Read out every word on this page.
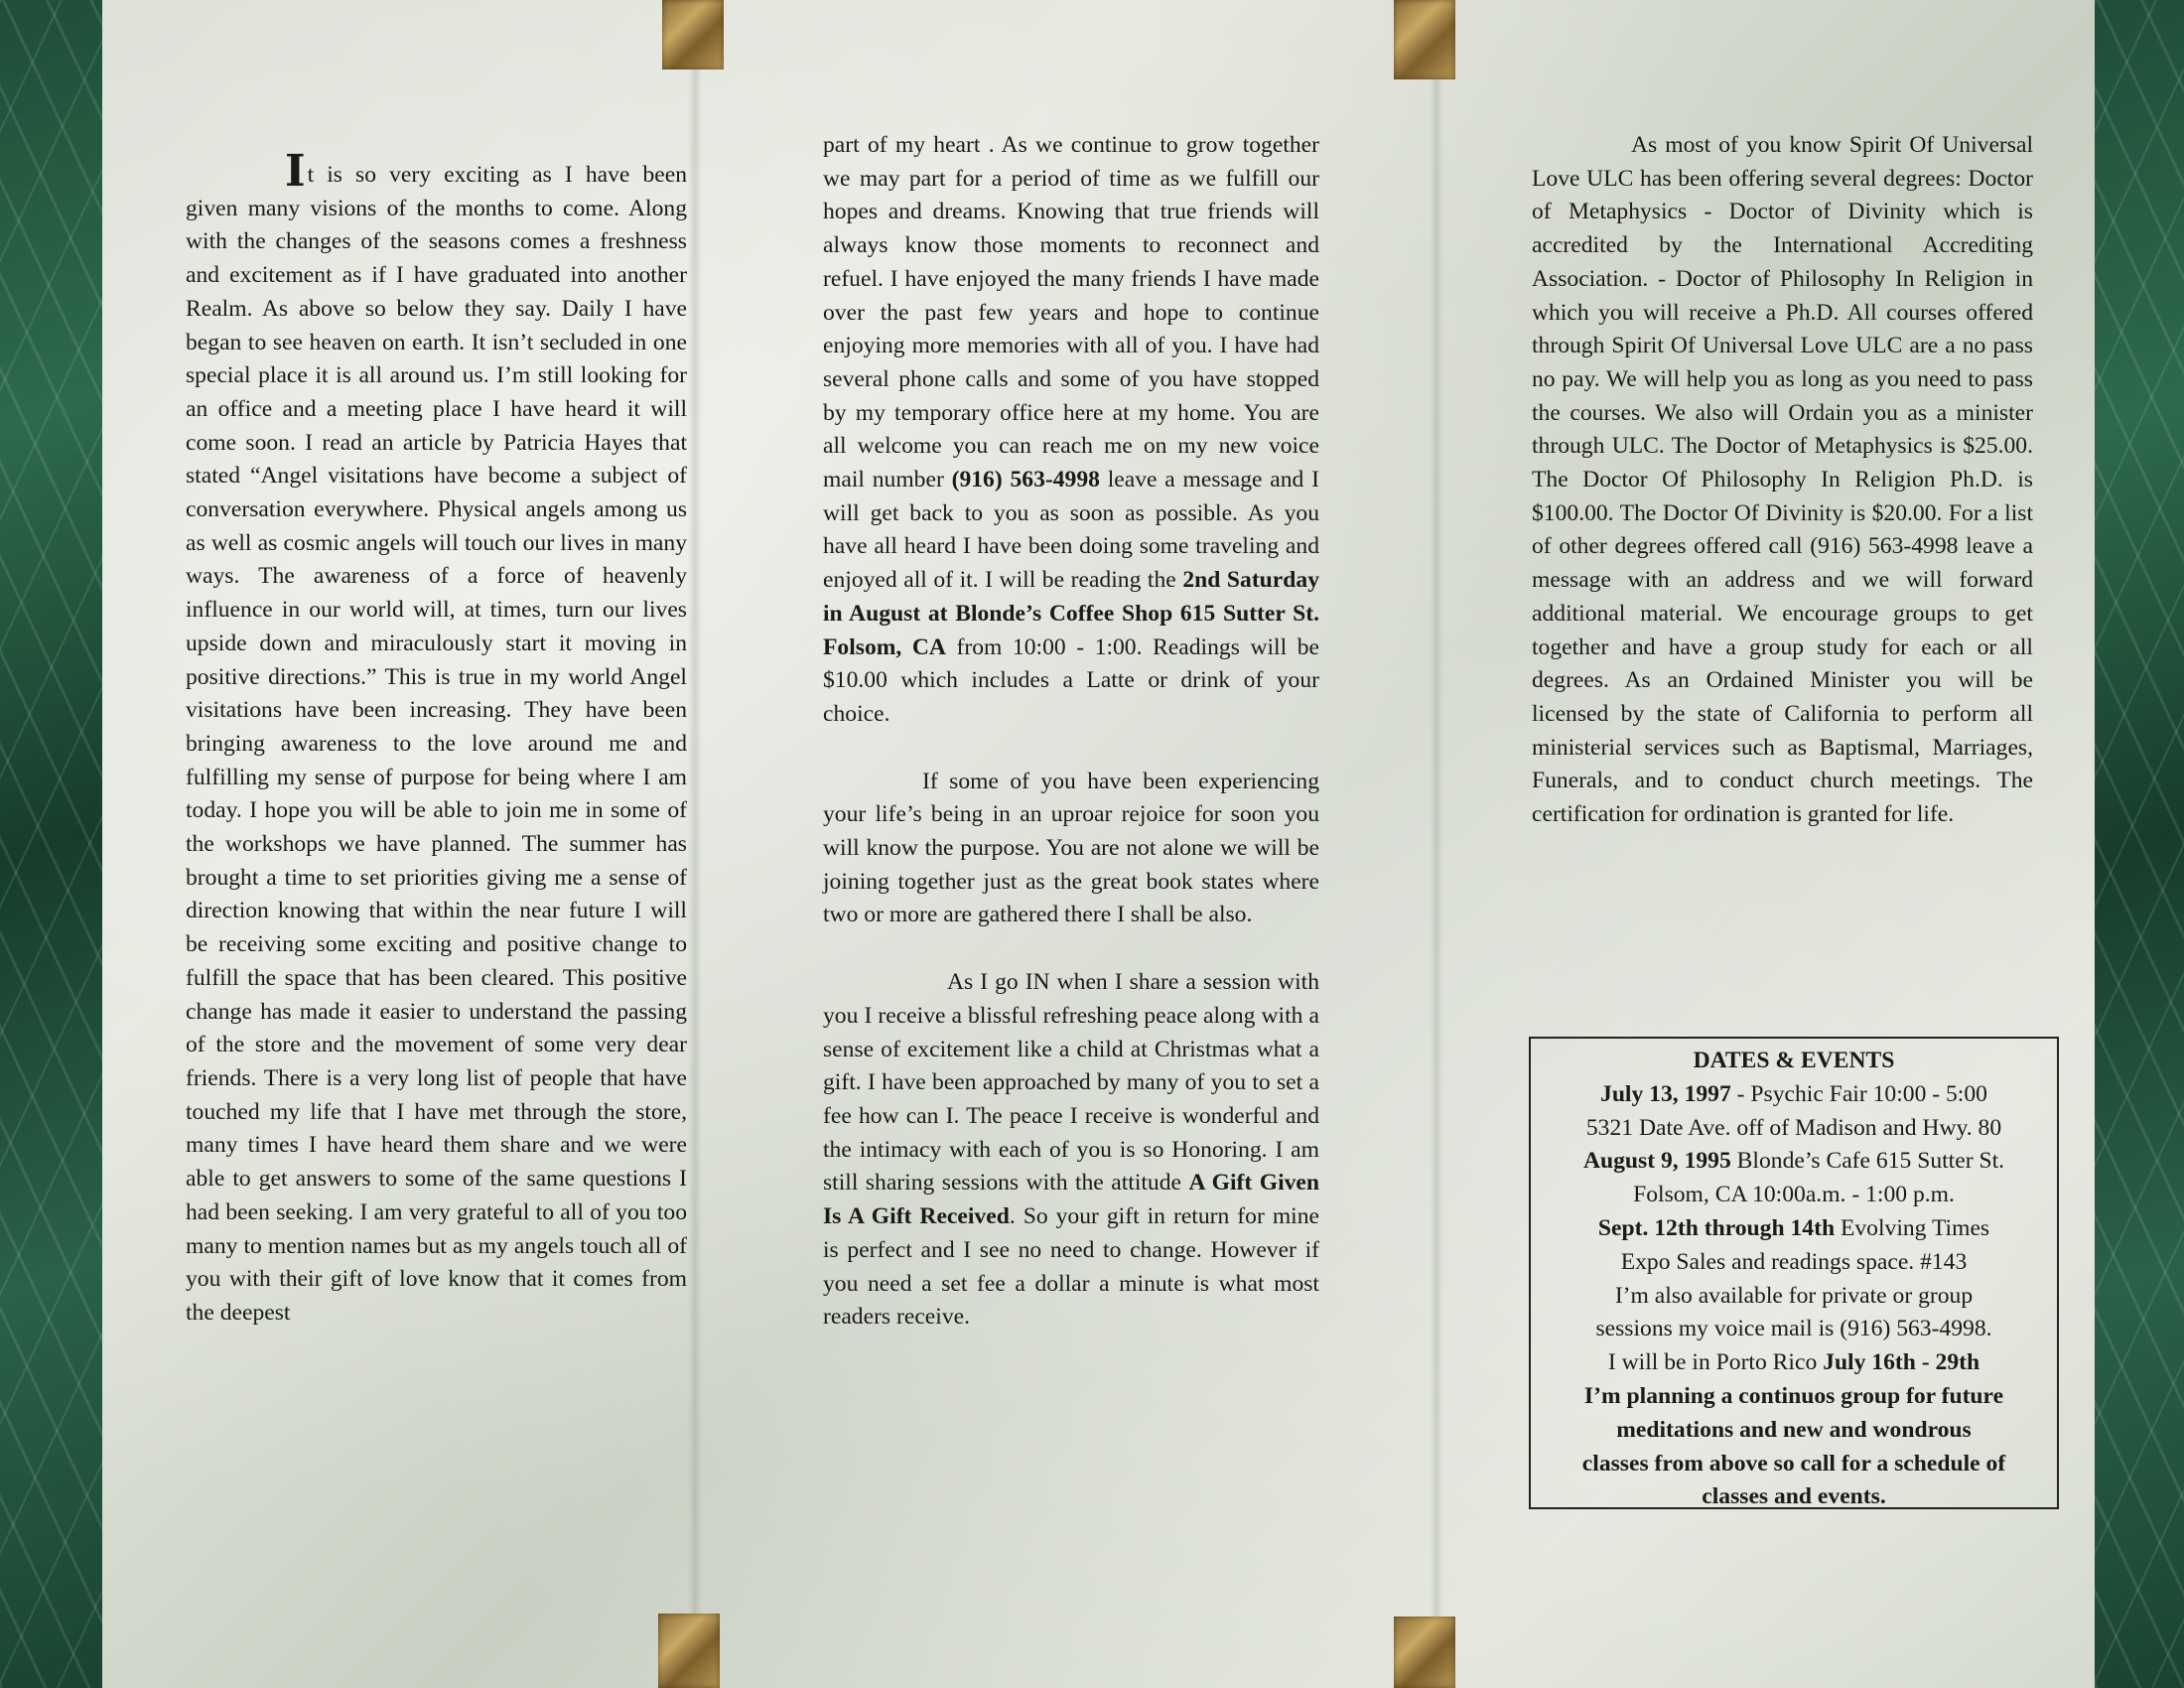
It is so very exciting as I have been given many visions of the months to come. Along with the changes of the seasons comes a freshness and excitement as if I have graduated into another Realm. As above so below they say. Daily I have began to see heaven on earth. It isn’t secluded in one special place it is all around us. I’m still looking for an office and a meeting place I have heard it will come soon. I read an article by Patricia Hayes that stated “Angel visitations have become a subject of conversation everywhere. Physical angels among us as well as cosmic angels will touch our lives in many ways. The awareness of a force of heavenly influence in our world will, at times, turn our lives upside down and miraculously start it moving in positive directions.” This is true in my world Angel visitations have been increasing. They have been bringing awareness to the love around me and fulfilling my sense of purpose for being where I am today. I hope you will be able to join me in some of the workshops we have planned. The summer has brought a time to set priorities giving me a sense of direction knowing that within the near future I will be receiving some exciting and positive change to fulfill the space that has been cleared. This positive change has made it easier to understand the passing of the store and the movement of some very dear friends. There is a very long list of people that have touched my life that I have met through the store, many times I have heard them share and we were able to get answers to some of the same questions I had been seeking. I am very grateful to all of you too many to mention names but as my angels touch all of you with their gift of love know that it comes from the deepest

part of my heart . As we continue to grow together we may part for a period of time as we fulfill our hopes and dreams. Knowing that true friends will always know those moments to reconnect and refuel. I have enjoyed the many friends I have made over the past few years and hope to continue enjoying more memories with all of you. I have had several phone calls and some of you have stopped by my temporary office here at my home. You are all welcome you can reach me on my new voice mail number (916) 563-4998 leave a message and I will get back to you as soon as possible. As you have all heard I have been doing some traveling and enjoyed all of it. I will be reading the 2nd Saturday in August at Blonde’s Coffee Shop 615 Sutter St. Folsom, CA from 10:00 - 1:00. Readings will be $10.00 which includes a Latte or drink of your choice.

If some of you have been experiencing your life’s being in an uproar rejoice for soon you will know the purpose. You are not alone we will be joining together just as the great book states where two or more are gathered there I shall be also.

As I go IN when I share a session with you I receive a blissful refreshing peace along with a sense of excitement like a child at Christmas what a gift. I have been approached by many of you to set a fee how can I. The peace I receive is wonderful and the intimacy with each of you is so Honoring. I am still sharing sessions with the attitude A Gift Given Is A Gift Received. So your gift in return for mine is perfect and I see no need to change. However if you need a set fee a dollar a minute is what most readers receive.

As most of you know Spirit Of Universal Love ULC has been offering several degrees: Doctor of Metaphysics - Doctor of Divinity which is accredited by the International Accrediting Association. - Doctor of Philosophy In Religion in which you will receive a Ph.D. All courses offered through Spirit Of Universal Love ULC are a no pass no pay. We will help you as long as you need to pass the courses. We also will Ordain you as a minister through ULC. The Doctor of Metaphysics is $25.00. The Doctor Of Philosophy In Religion Ph.D. is $100.00. The Doctor Of Divinity is $20.00. For a list of other degrees offered call (916) 563-4998 leave a message with an address and we will forward additional material. We encourage groups to get together and have a group study for each or all degrees. As an Ordained Minister you will be licensed by the state of California to perform all ministerial services such as Baptismal, Marriages, Funerals, and to conduct church meetings. The certification for ordination is granted for life.

DATES & EVENTS
July 13, 1997 - Psychic Fair 10:00 - 5:00
5321 Date Ave. off of Madison and Hwy. 80
August 9, 1995 Blonde’s Cafe 615 Sutter St.
Folsom, CA 10:00a.m. - 1:00 p.m.
Sept. 12th through 14th Evolving Times
Expo Sales and readings space. #143
I’m also available for private or group
sessions my voice mail is (916) 563-4998.
I will be in Porto Rico July 16th - 29th
I’m planning a continuos group for future
meditations and new and wondrous
classes from above so call for a schedule of
classes and events.
